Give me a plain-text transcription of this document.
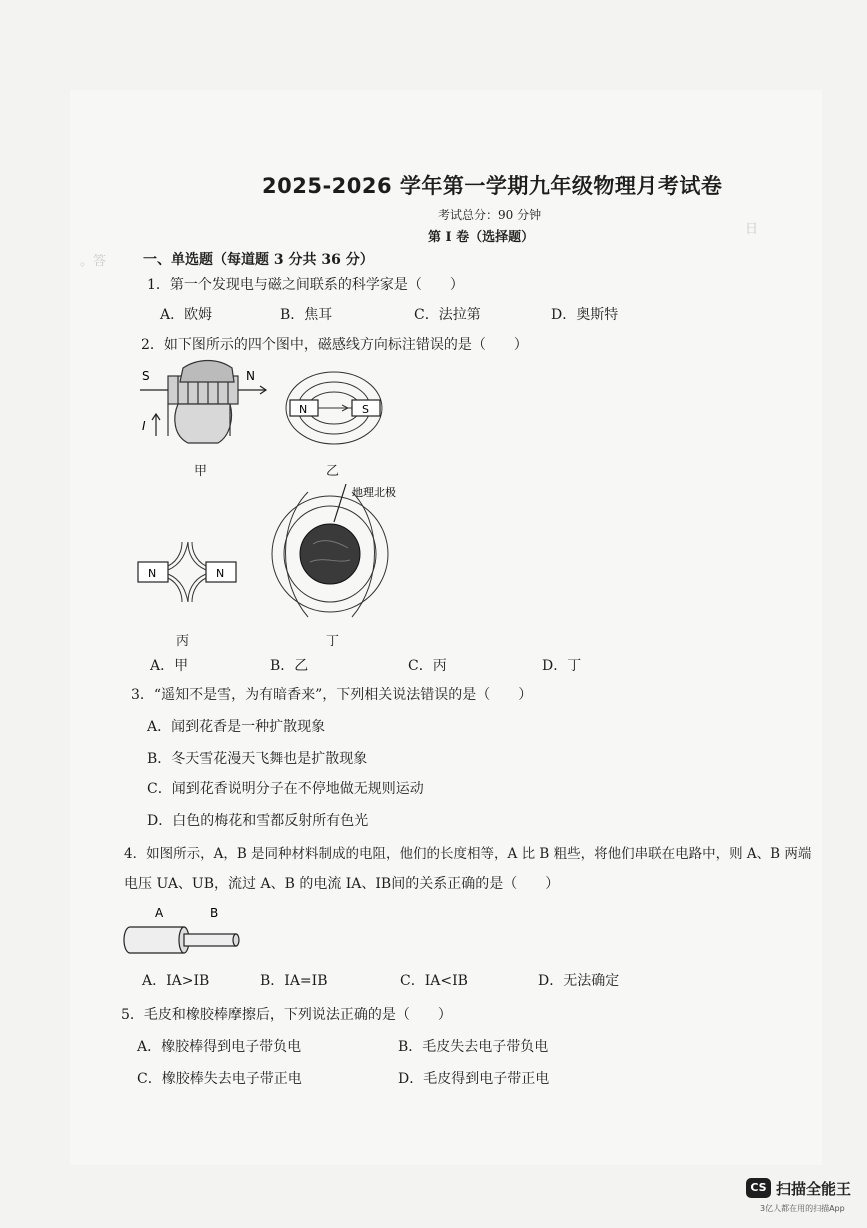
日
。答
2025-2026 学年第一学期九年级物理月考试卷
考试总分：90 分钟
第 I 卷（选择题）
一、单选题（每道题 3 分共 36 分）
1．第一个发现电与磁之间联系的科学家是（　　）
A．欧姆	B．焦耳	C．法拉第	D．奥斯特
2．如下图所示的四个图中，磁感线方向标注错误的是（　　）
S	N
I
甲
N	S
乙
N	N
丙
地理北极
丁
A．甲	B．乙	C．丙	D．丁
3．“遥知不是雪，为有暗香来”，下列相关说法错误的是（　　）
A．闻到花香是一种扩散现象
B．冬天雪花漫天飞舞也是扩散现象
C．闻到花香说明分子在不停地做无规则运动
D．白色的梅花和雪都反射所有色光
4．如图所示，A，B 是同种材料制成的电阻，他们的长度相等，A 比 B 粗些，将他们串联在电路中，则 A、B 两端
电压 UA、UB，流过 A、B 的电流 IA、IB间的关系正确的是（　　）
A	B
A．IA>IB	B．IA=IB	C．IA<IB	D．无法确定
5．毛皮和橡胶棒摩擦后，下列说法正确的是（　　）
A．橡胶棒得到电子带负电	B．毛皮失去电子带负电
C．橡胶棒失去电子带正电	D．毛皮得到电子带正电
CS 扫描全能王
3亿人都在用的扫描App
